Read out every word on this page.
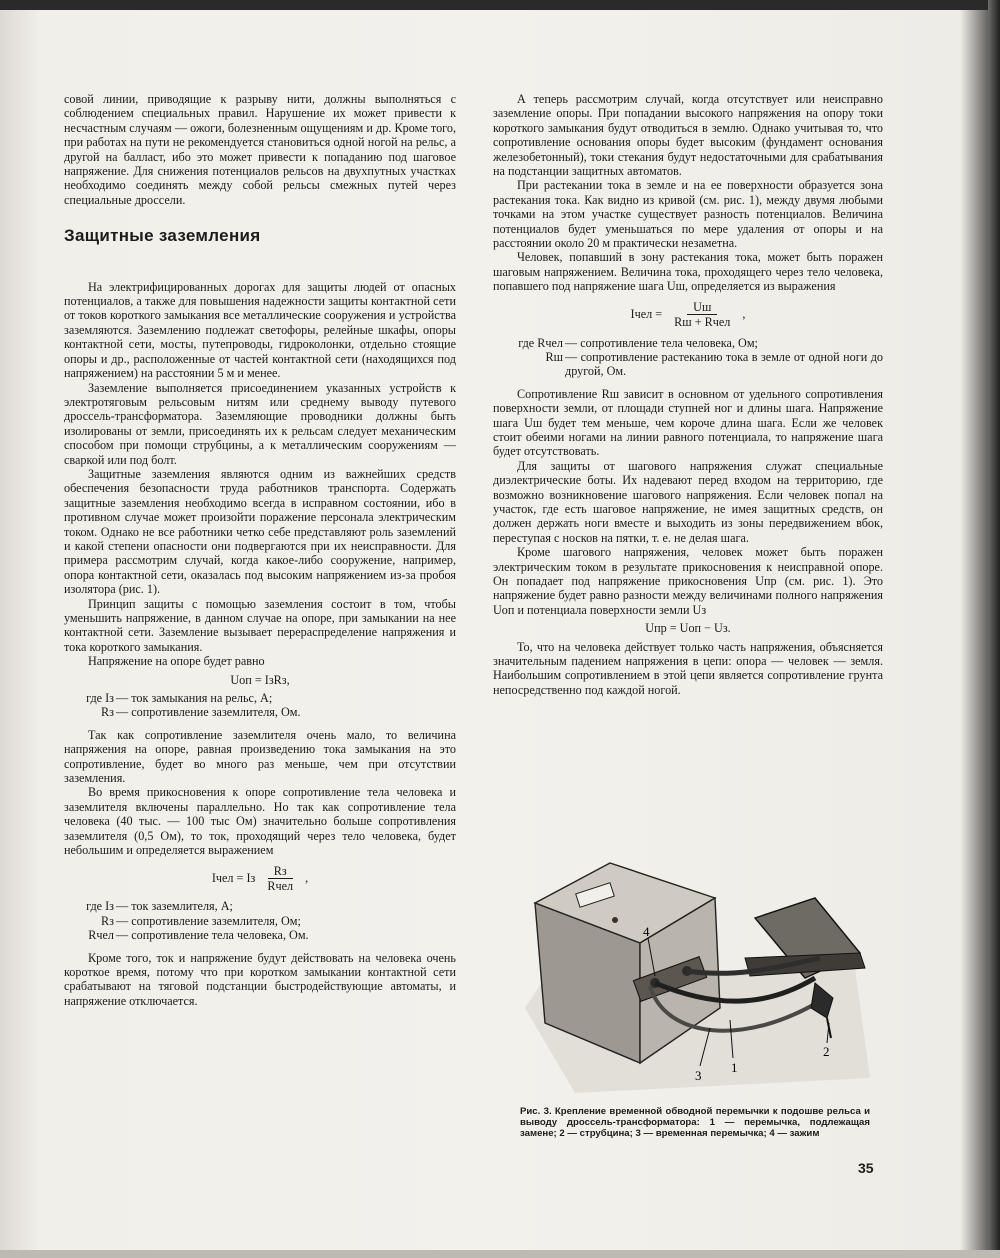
совой линии, приводящие к разрыву нити, должны выполняться с соблюдением специальных правил. Нарушение их может привести к несчастным случаям — ожоги, болезненным ощущениям и др. Кроме того, при работах на пути не рекомендуется становиться одной ногой на рельс, а другой на балласт, ибо это может привести к попаданию под шаговое напряжение. Для снижения потенциалов рельсов на двухпутных участках необходимо соединять между собой рельсы смежных путей через специальные дроссели.

Защитные заземления

На электрифицированных дорогах для защиты людей от опасных потенциалов, а также для повышения надежности защиты контактной сети от токов короткого замыкания все металлические сооружения и устройства заземляются. Заземлению подлежат светофоры, релейные шкафы, опоры контактной сети, мосты, путепроводы, гидроколонки, отдельно стоящие опоры и др., расположенные от частей контактной сети (находящихся под напряжением) на расстоянии 5 м и менее.

Заземление выполняется присоединением указанных устройств к электротяговым рельсовым нитям или среднему выводу путевого дроссель-трансформатора. Заземляющие проводники должны быть изолированы от земли, присоединять их к рельсам следует механическим способом при помощи струбцины, а к металлическим сооружениям — сваркой или под болт.

Защитные заземления являются одним из важнейших средств обеспечения безопасности труда работников транспорта. Содержать защитные заземления необходимо всегда в исправном состоянии, ибо в противном случае может произойти поражение персонала электрическим током. Однако не все работники четко себе представляют роль заземлений и какой степени опасности они подвергаются при их неисправности. Для примера рассмотрим случай, когда какое-либо сооружение, например, опора контактной сети, оказалась под высоким напряжением из-за пробоя изолятора (рис. 1).

Принцип защиты с помощью заземления состоит в том, чтобы уменьшить напряжение, в данном случае на опоре, при замыкании на нее контактной сети. Заземление вызывает перераспределение напряжения и тока короткого замыкания.

Напряжение на опоре будет равно

Uоп = IзRз,
где Iз — ток замыкания на рельс, А;
Rз — сопротивление заземлителя, Ом.

Так как сопротивление заземлителя очень мало, то величина напряжения на опоре, равная произведению тока замыкания на это сопротивление, будет во много раз меньше, чем при отсутствии заземления.

Во время прикосновения к опоре сопротивление тела человека и заземлителя включены параллельно. Но так как сопротивление тела человека (40 тыс. — 100 тыс Ом) значительно больше сопротивления заземлителя (0,5 Ом), то ток, проходящий через тело человека, будет небольшим и определяется выражением

Iчел = Iз $\frac{Rз}{\text{Rчел}}$ ,
где Iз — ток заземлителя, А;
Rз — сопротивление заземлителя, Ом;
Rчел — сопротивление тела человека, Ом.

Кроме того, ток и напряжение будут действовать на человека очень короткое время, потому что при коротком замыкании контактной сети срабатывают на тяговой подстанции быстродействующие автоматы, и напряжение отключается.

А теперь рассмотрим случай, когда отсутствует или неисправно заземление опоры. При попадании высокого напряжения на опору токи короткого замыкания будут отводиться в землю. Однако учитывая то, что сопротивление основания опоры будет высоким (фундамент основания железобетонный), токи стекания будут недостаточными для срабатывания на подстанции защитных автоматов.

При растекании тока в земле и на ее поверхности образуется зона растекания тока. Как видно из кривой (см. рис. 1), между двумя любыми точками на этом участке существует разность потенциалов. Величина потенциалов будет уменьшаться по мере удаления от опоры и на расстоянии около 20 м практически незаметна.

Человек, попавший в зону растекания тока, может быть поражен шаговым напряжением. Величина тока, проходящего через тело человека, попавшего под напряжение шага Uш, определяется из выражения

Iчел = $\frac{Uш}{\text{Rш + Rчел}}$ ,
где Rчел — сопротивление тела человека, Ом;
Rш — сопротивление растеканию тока в земле от одной ноги до другой, Ом.

Сопротивление Rш зависит в основном от удельного сопротивления поверхности земли, от площади ступней ног и длины шага. Напряжение шага Uш будет тем меньше, чем короче длина шага. Если же человек стоит обеими ногами на линии равного потенциала, то напряжение шага будет отсутствовать.

Для защиты от шагового напряжения служат специальные диэлектрические боты. Их надевают перед входом на территорию, где возможно возникновение шагового напряжения. Если человек попал на участок, где есть шаговое напряжение, не имея защитных средств, он должен держать ноги вместе и выходить из зоны передвижением вбок, переступая с носков на пятки, т. е. не делая шага.

Кроме шагового напряжения, человек может быть поражен электрическим током в результате прикосновения к неисправной опоре. Он попадает под напряжение прикосновения Uпр (см. рис. 1). Это напряжение будет равно разности между величинами полного напряжения Uоп и потенциала поверхности земли Uз

Uпр = Uоп − Uз.

То, что на человека действует только часть напряжения, объясняется значительным падением напряжения в цепи: опора — человек — земля. Наибольшим сопротивлением в этой цепи является сопротивление грунта непосредственно под каждой ногой.

4
3
1
2
Рис. 3. Крепление временной обводной перемычки к подошве рельса и выводу дроссель-трансформатора: 1 — перемычка, подлежащая замене; 2 — струбцина; 3 — временная перемычка; 4 — зажим
35
